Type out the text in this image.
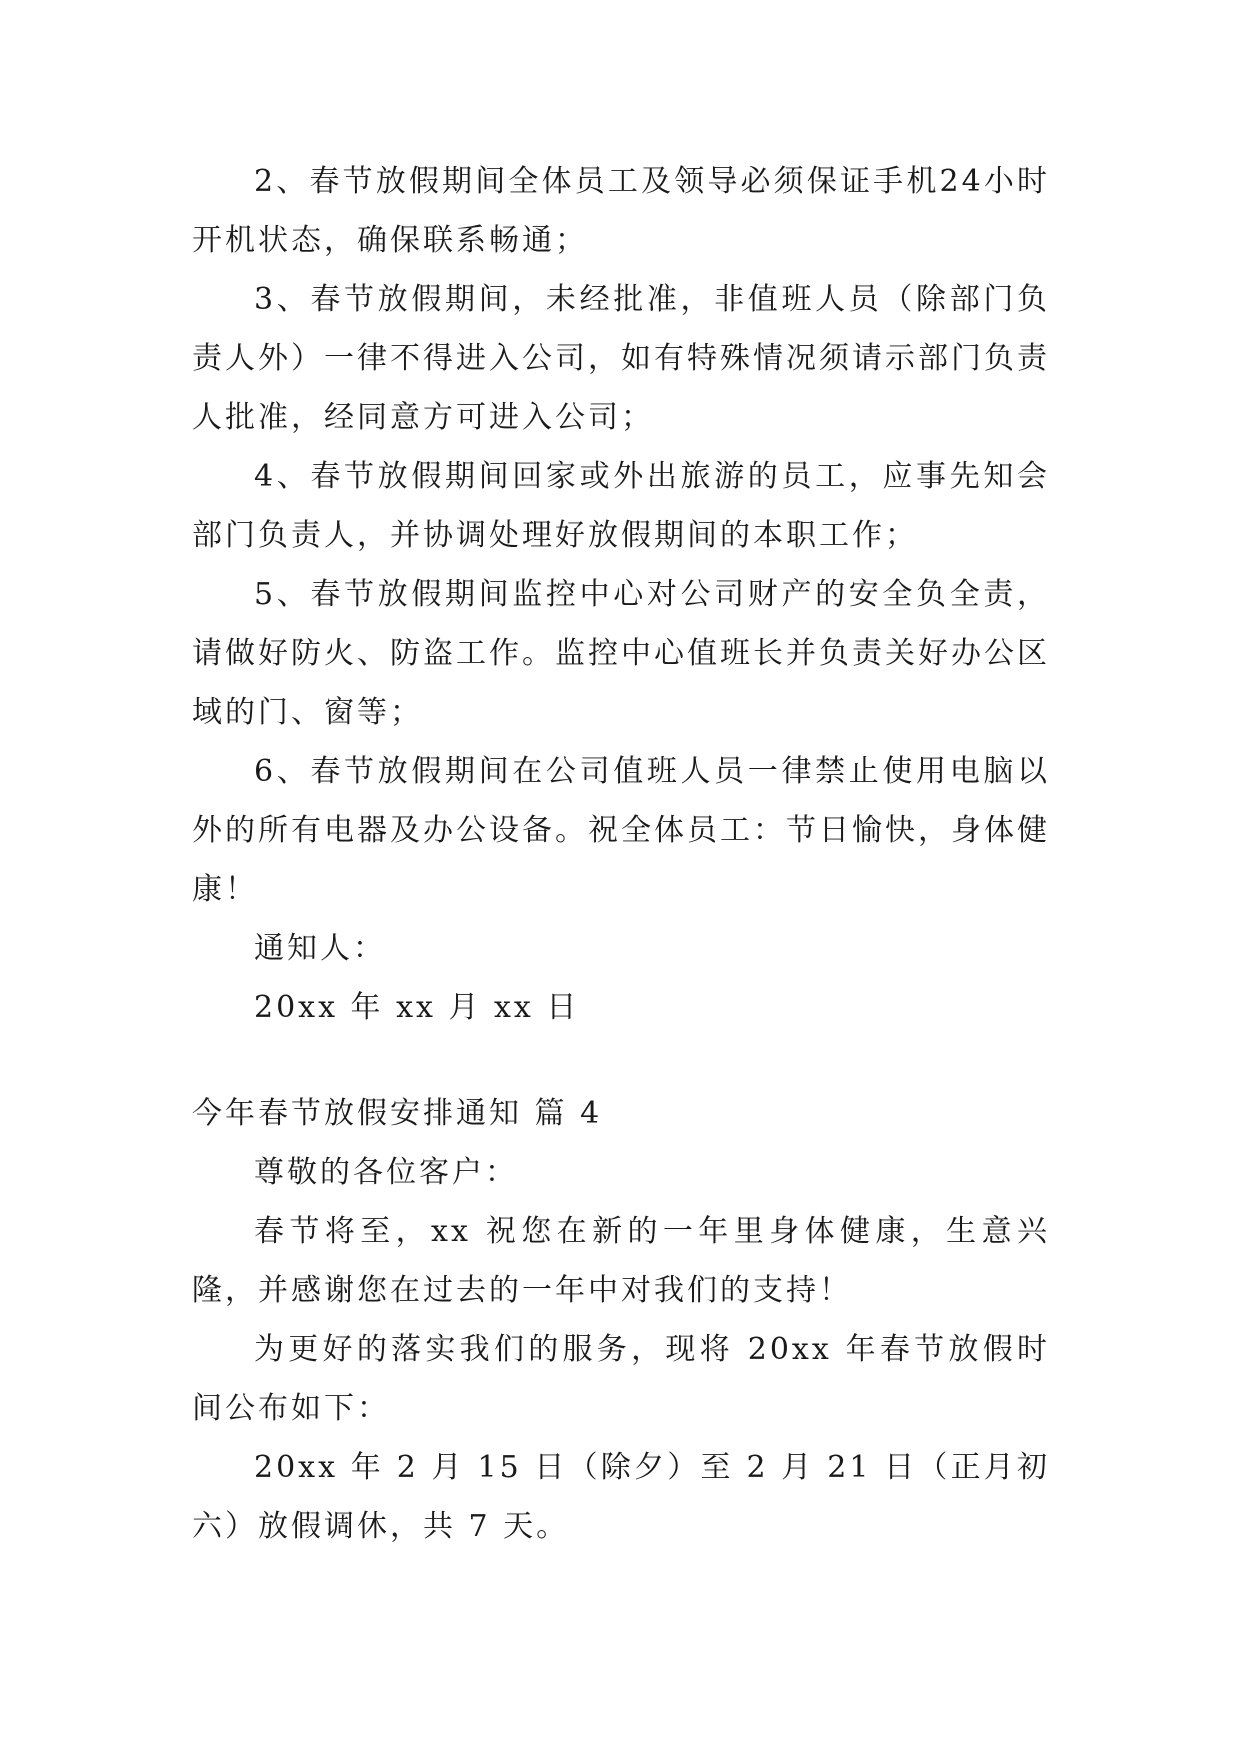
2、春节放假期间全体员工及领导必须保证手机24小时开机状态，确保联系畅通；

3、春节放假期间，未经批准，非值班人员（除部门负责人外）一律不得进入公司，如有特殊情况须请示部门负责人批准，经同意方可进入公司；

4、春节放假期间回家或外出旅游的员工，应事先知会部门负责人，并协调处理好放假期间的本职工作；

5、春节放假期间监控中心对公司财产的安全负全责，请做好防火、防盗工作。监控中心值班长并负责关好办公区域的门、窗等；

6、春节放假期间在公司值班人员一律禁止使用电脑以外的所有电器及办公设备。祝全体员工：节日愉快，身体健康！

通知人：

20xx 年 xx 月 xx 日

今年春节放假安排通知 篇 4

尊敬的各位客户：

春节将至，xx 祝您在新的一年里身体健康，生意兴隆，并感谢您在过去的一年中对我们的支持！

为更好的落实我们的服务，现将 20xx 年春节放假时间公布如下：

20xx 年 2 月 15 日（除夕）至 2 月 21 日（正月初六）放假调休，共 7 天。
